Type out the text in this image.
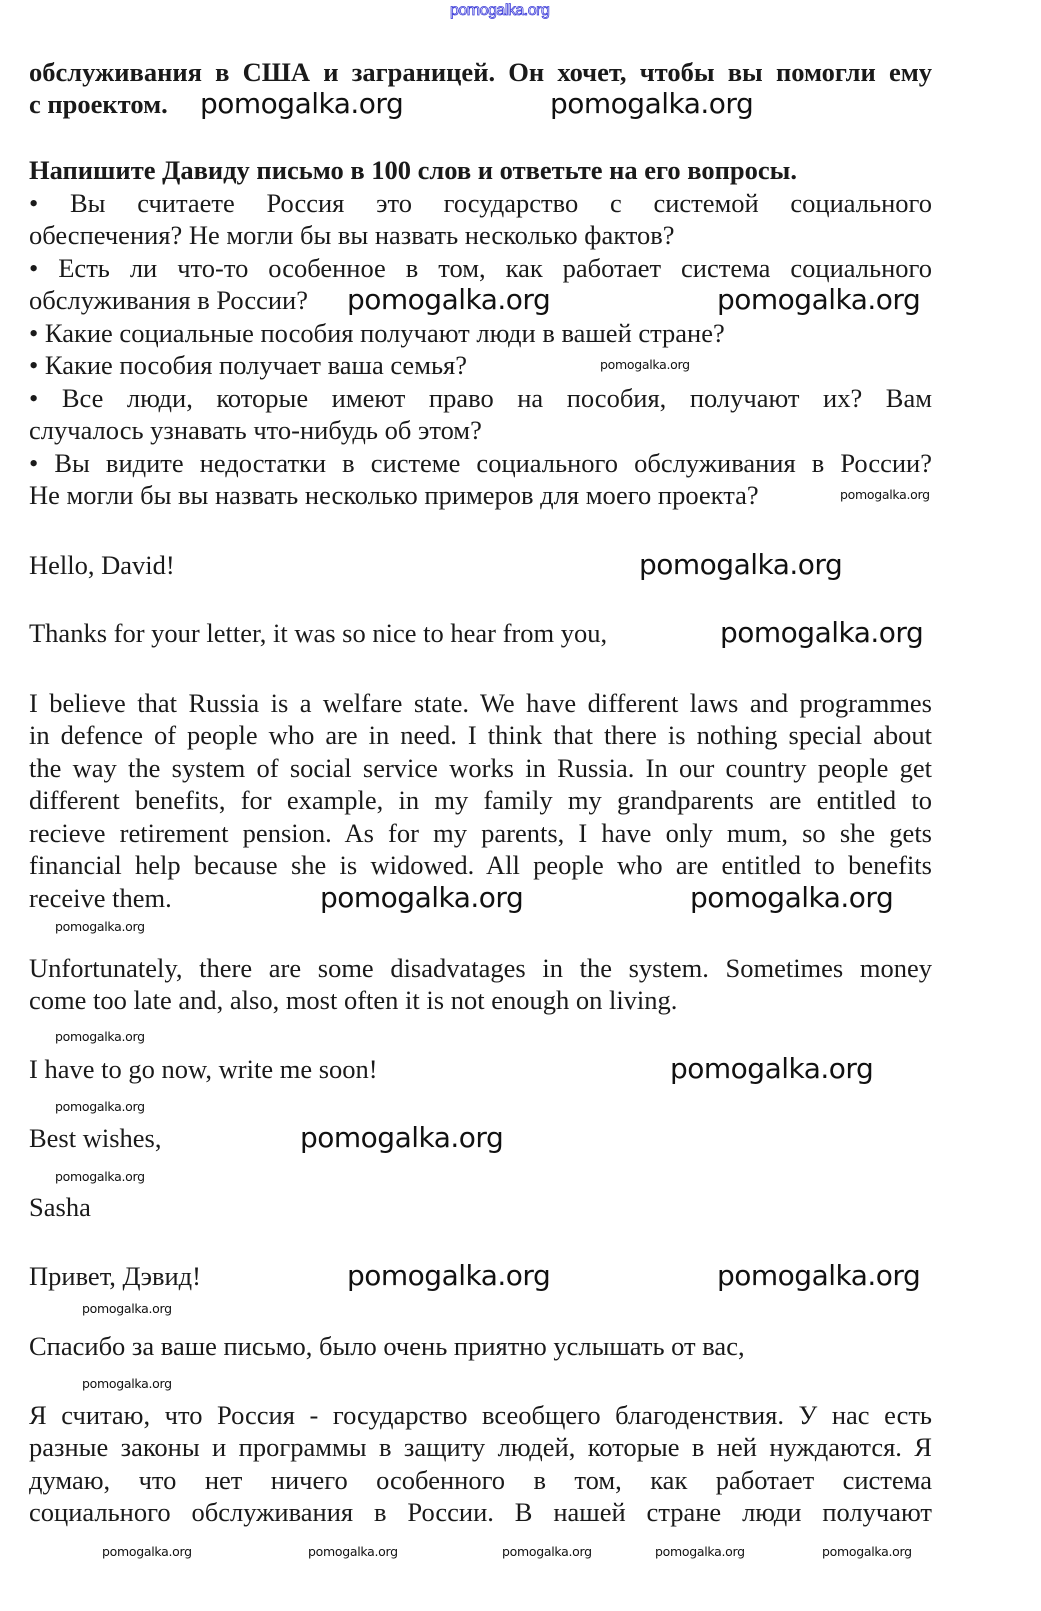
pomogalka.org
обслуживания в США и заграницей. Он хочет, чтобы вы помогли ему
с проектом.
Напишите Давиду письмо в 100 слов и ответьте на его вопросы.
• Вы считаете Россия это государство с системой социального
обеспечения? Не могли бы вы назвать несколько фактов?
• Есть ли что-то особенное в том, как работает система социального
обслуживания в России?
• Какие социальные пособия получают люди в вашей стране?
• Какие пособия получает ваша семья?
• Все люди, которые имеют право на пособия, получают их? Вам
случалось узнавать что-нибудь об этом?
• Вы видите недостатки в системе социального обслуживания в России?
Не могли бы вы назвать несколько примеров для моего проекта?
Hello, David!
Thanks for your letter, it was so nice to hear from you,
I believe that Russia is a welfare state. We have different laws and programmes
in defence of people who are in need. I think that there is nothing special about
the way the system of social service works in Russia. In our country people get
different benefits, for example, in my family my grandparents are entitled to
recieve retirement pension. As for my parents, I have only mum, so she gets
financial help because she is widowed. All people who are entitled to benefits
receive them.
Unfortunately, there are some disadvatages in the system. Sometimes money
come too late and, also, most often it is not enough on living.
I have to go now, write me soon!
Best wishes,
Sasha
Привет, Дэвид!
Спасибо за ваше письмо, было очень приятно услышать от вас,
Я считаю, что Россия - государство всеобщего благоденствия. У нас есть
разные законы и программы в защиту людей, которые в ней нуждаются. Я
думаю, что нет ничего особенного в том, как работает система
социального обслуживания в России. В нашей стране люди получают
pomogalka.org	pomogalka.org
pomogalka.org	pomogalka.org
pomogalka.org
pomogalka.org
pomogalka.org	pomogalka.org
pomogalka.org
pomogalka.org
pomogalka.org
pomogalka.org
pomogalka.org
pomogalka.org
pomogalka.org
pomogalka.org
pomogalka.org
pomogalka.org
pomogalka.org
pomogalka.org
pomogalka.org	pomogalka.org	pomogalka.org
pomogalka.org	pomogalka.org
